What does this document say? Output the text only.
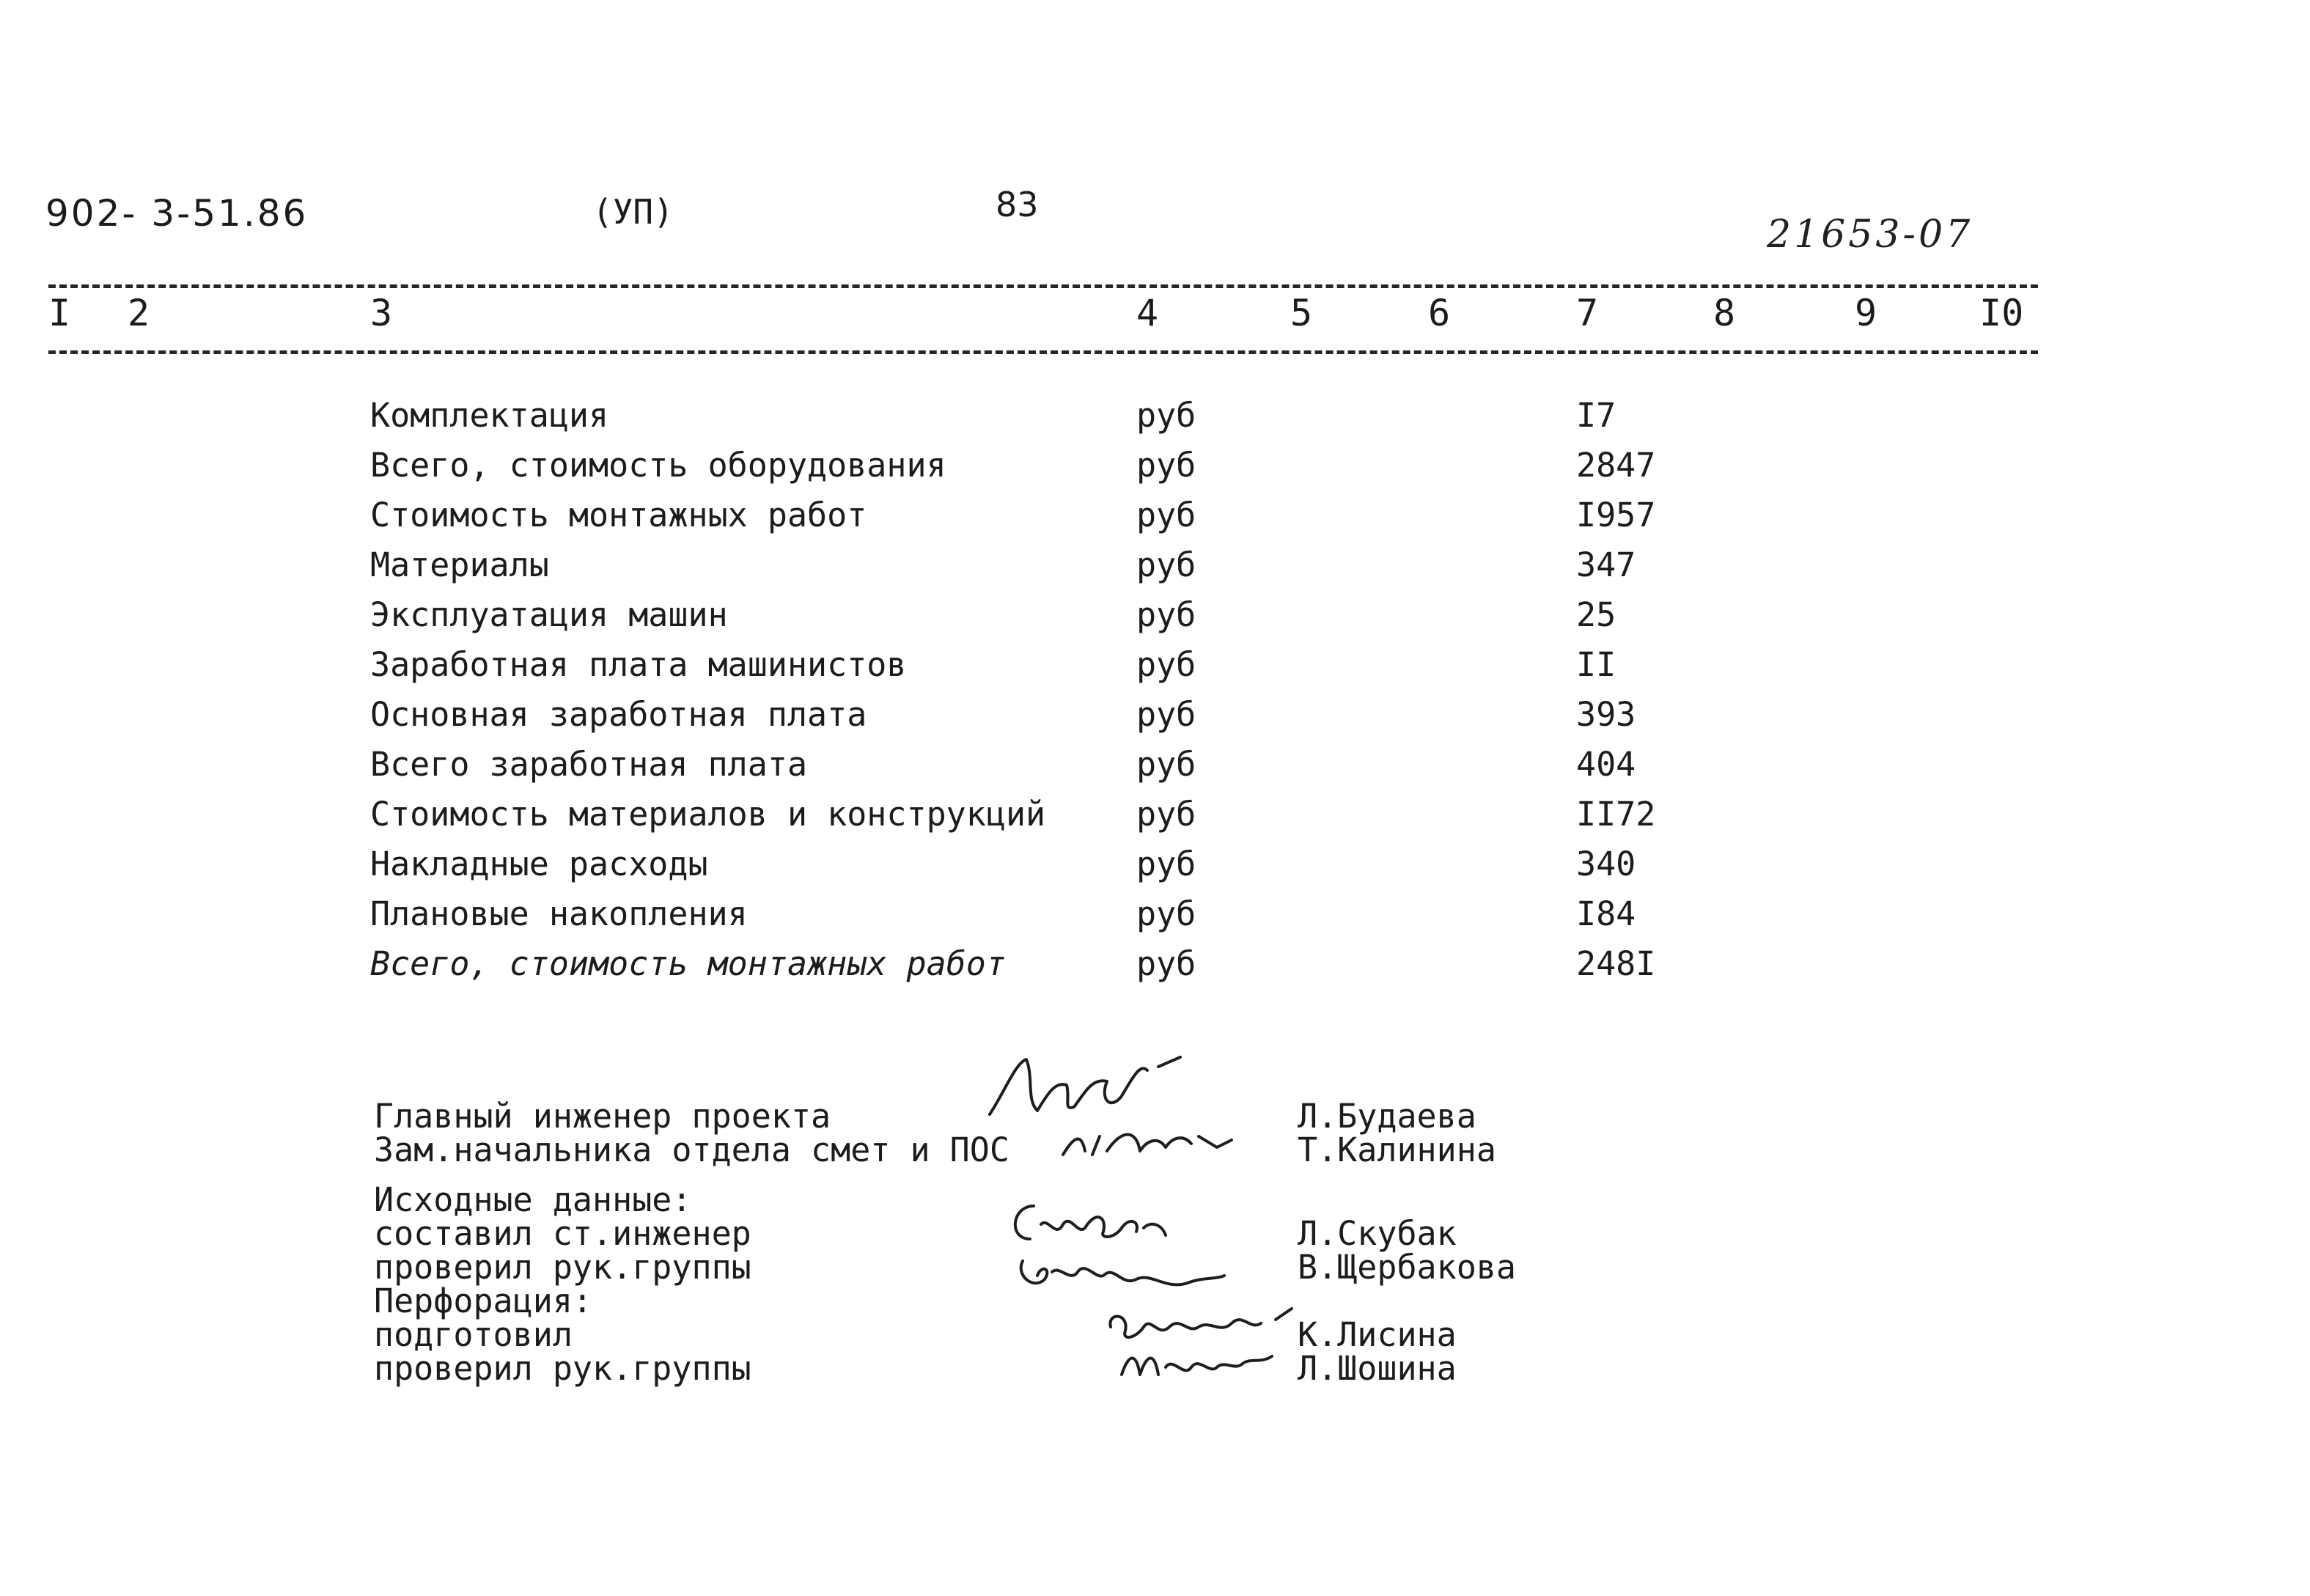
902- 3-51.86	(УП)	83
21653-07
I 2	3	4	5	6	7	8	9	I0
Комплектация	руб	I7
Всего, стоимость оборудования	руб	2847
Стоимость монтажных работ	руб	I957
Материалы	руб	347
Эксплуатация машин	руб	25
Заработная плата машинистов	руб	II
Основная заработная плата	руб	393
Всего заработная плата	руб	404
Стоимость материалов и конструкций	руб	II72
Накладные расходы	руб	340
Плановые накопления	руб	I84
Всего, стоимость монтажных работ	руб	248I
Главный инженер проекта	Л.Будаева
Зам.начальника отдела смет и ПОС	Т.Калинина
Исходные данные:
составил ст.инженер	Л.Скубак
проверил рук.группы	В.Щербакова
Перфорация:
подготовил	К.Лисина
проверил рук.группы	Л.Шошина
